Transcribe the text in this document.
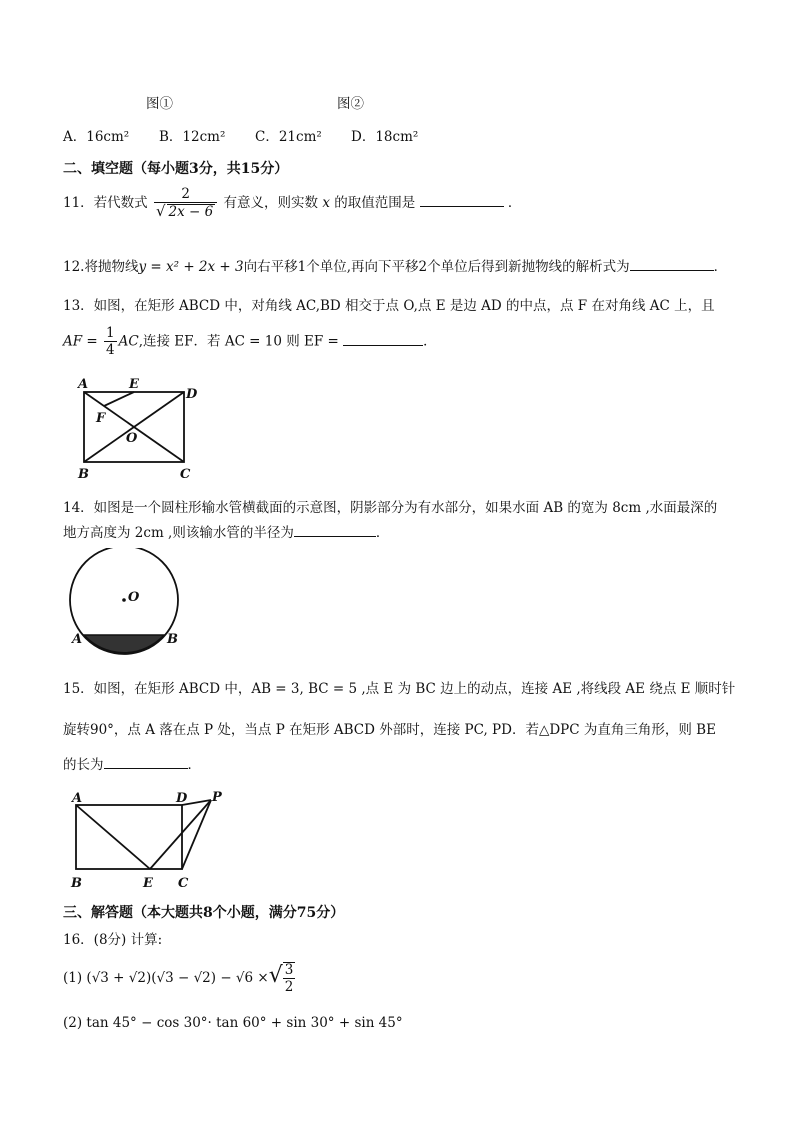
图①	图②
A．16cm² B．12cm² C．21cm² D．18cm²
二、填空题（每小题3分，共15分）
11．若代数式 $\frac{2}{√ 2x - 6}$ 有意义，则实数 x 的取值范围是	．
12.将抛物线y = x² + 2x + 3向右平移1个单位,再向下平移2个单位后得到新抛物线的解析式为	．
13．如图，在矩形 ABCD 中，对角线 AC,BD 相交于点 O,点 E 是边 AD 的中点，点 F 在对角线 AC 上，且
AF = $\frac{1}{4}$ AC,连接 EF．若 AC = 10 则 EF =	．
A	E
D
F
O
B	C
14．如图是一个圆柱形输水管横截面的示意图，阴影部分为有水部分，如果水面 AB 的宽为 8cm ,水面最深的
地方高度为 2cm ,则该输水管的半径为	．
O
A	B
15．如图，在矩形 ABCD 中，AB = 3, BC = 5 ,点 E 为 BC 边上的动点，连接 AE ,将线段 AE 绕点 E 顺时针
旋转90°，点 A 落在点 P 处，当点 P 在矩形 ABCD 外部时，连接 PC, PD．若△DPC 为直角三角形，则 BE
的长为	．
A	D P
B	E C
三、解答题（本大题共8个小题，满分75分）
16．(8分) 计算:
(1) (√3 + √2)(√3 − √2) − √6 ×√ $\frac{3}{2}$
(2) tan 45° − cos 30°· tan 60° + sin 30° + sin 45°
